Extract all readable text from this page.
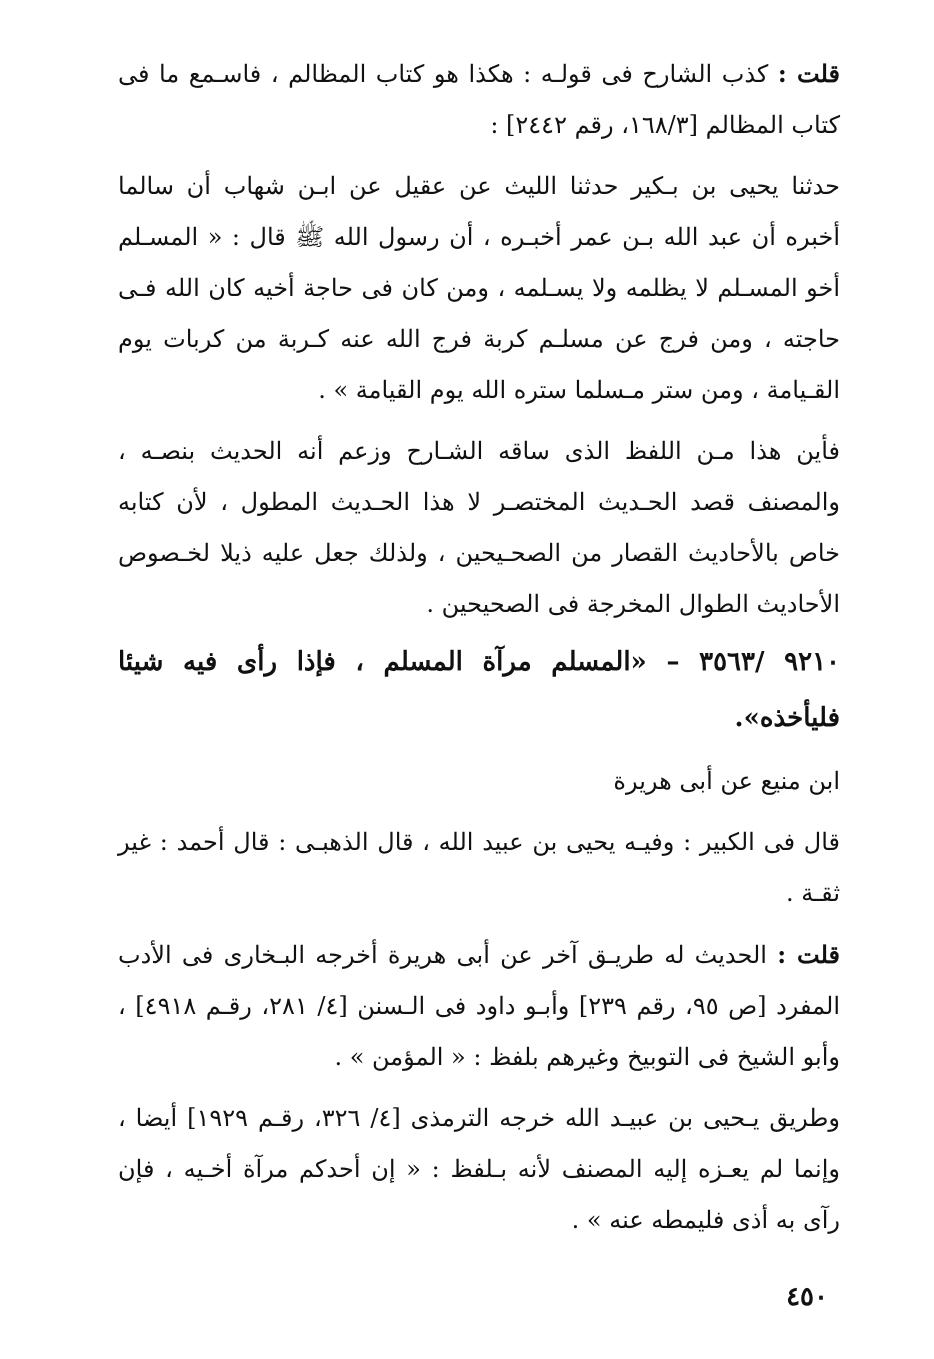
قلت : كذب الشارح فى قولـه : هكذا هو كتاب المظالم ، فاسـمع ما فى كتاب المظالم [١٦٨/٣، رقم ٢٤٤٢] :

حدثنا يحيى بن بـكير حدثنا الليث عن عقيل عن ابـن شهاب أن سالما أخبره أن عبد الله بـن عمر أخبـره ، أن رسول الله ﷺ قال : « المسـلم أخو المسـلم لا يظلمه ولا يسـلمه ، ومن كان فى حاجة أخيه كان الله فـى حاجته ، ومن فرج عن مسلـم كربة فرج الله عنه كـربة من كربات يوم القـيامة ، ومن ستر مـسلما ستره الله يوم القيامة » .

فأين هذا مـن اللفظ الذى ساقه الشـارح وزعم أنه الحديث بنصـه ، والمصنف قصد الحـديث المختصـر لا هذا الحـديث المطول ، لأن كتابه خاص بالأحاديث القصار من الصحـيحين ، ولذلك جعل عليه ذيلا لخـصوص الأحاديث الطوال المخرجة فى الصحيحين .

٩٢١٠ /٣٥٦٣ – «المسلم مرآة المسلم ، فإذا رأى فيه شيئا فليأخذه».

ابن منيع عن أبى هريرة

قال فى الكبير : وفيـه يحيى بن عبيد الله ، قال الذهبـى : قال أحمد : غير ثقـة .

قلت : الحديث له طريـق آخر عن أبى هريرة أخرجه البـخارى فى الأدب المفرد [ص ٩٥، رقم ٢٣٩] وأبـو داود فى الـسنن [٤/ ٢٨١، رقـم ٤٩١٨] ، وأبو الشيخ فى التوبيخ وغيرهم بلفظ : « المؤمن » .

وطريق يـحيى بن عبيـد الله خرجه الترمذى [٤/ ٣٢٦، رقـم ١٩٢٩] أيضا ، وإنما لم يعـزه إليه المصنف لأنه بـلفظ : « إن أحدكم مرآة أخـيه ، فإن رآى به أذى فليمطه عنه » .

٤٥٠
